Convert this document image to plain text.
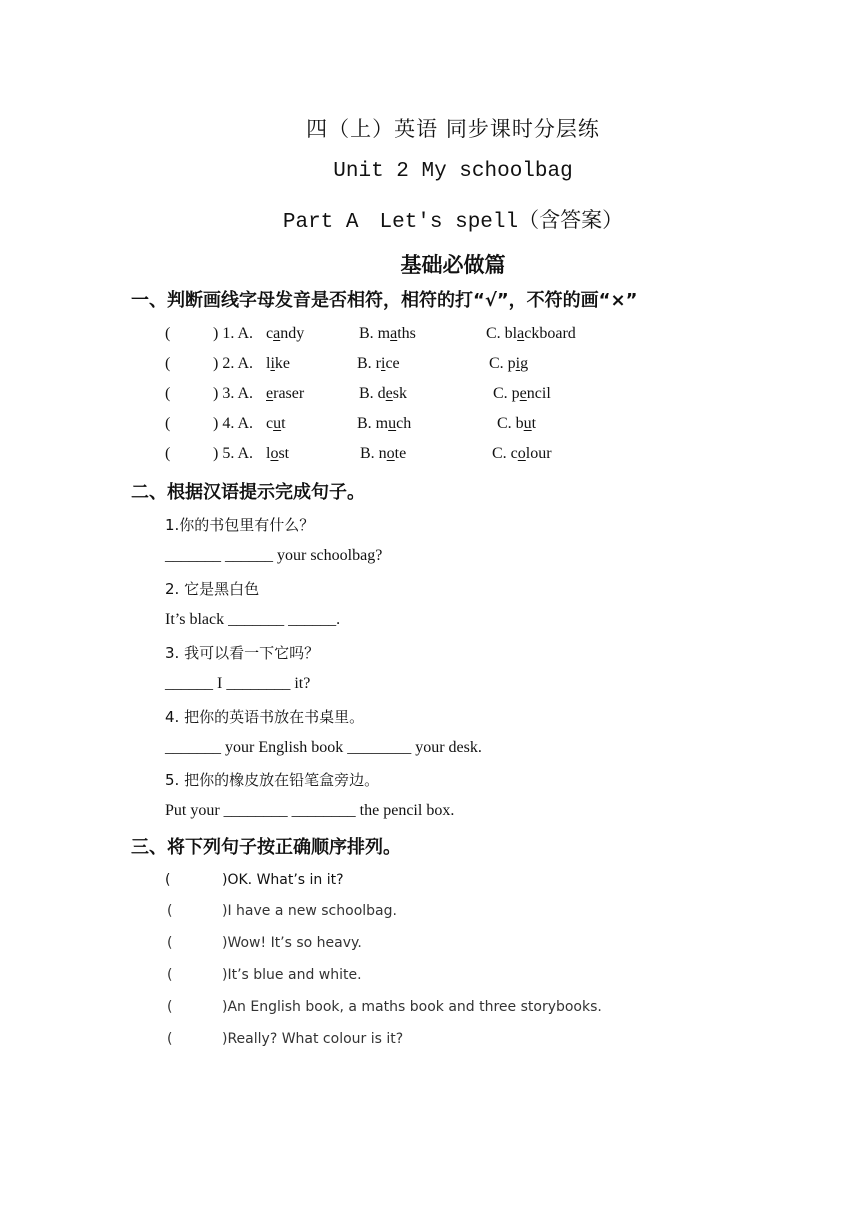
四（上）英语 同步课时分层练
Unit 2 My schoolbag
Part A　Let's spell（含答案）
基础必做篇
一、判断画线字母发音是否相符，相符的打“√”，不符的画“×”
(	) 1. A. candy	B. maths	C. blackboard
(	) 2. A. like	B. rice	C. pig
(	) 3. A. eraser	B. desk	C. pencil
(	) 4. A. cut	B. much	C. but
(	) 5. A. lost	B. note	C. colour
二、根据汉语提示完成句子。
1.你的书包里有什么？
_______ ______ your schoolbag?
2. 它是黑白色
It’s black _______ ______.
3. 我可以看一下它吗？
______ I ________ it?
4. 把你的英语书放在书桌里。
_______ your English book ________ your desk.
5. 把你的橡皮放在铅笔盒旁边。
Put your ________ ________ the pencil box.
三、将下列句子按正确顺序排列。
(	)OK. What’s in it?
(	)I have a new schoolbag.
(	)Wow! It’s so heavy.
(	)It’s blue and white.
(	)An English book, a maths book and three storybooks.
(	)Really? What colour is it?
